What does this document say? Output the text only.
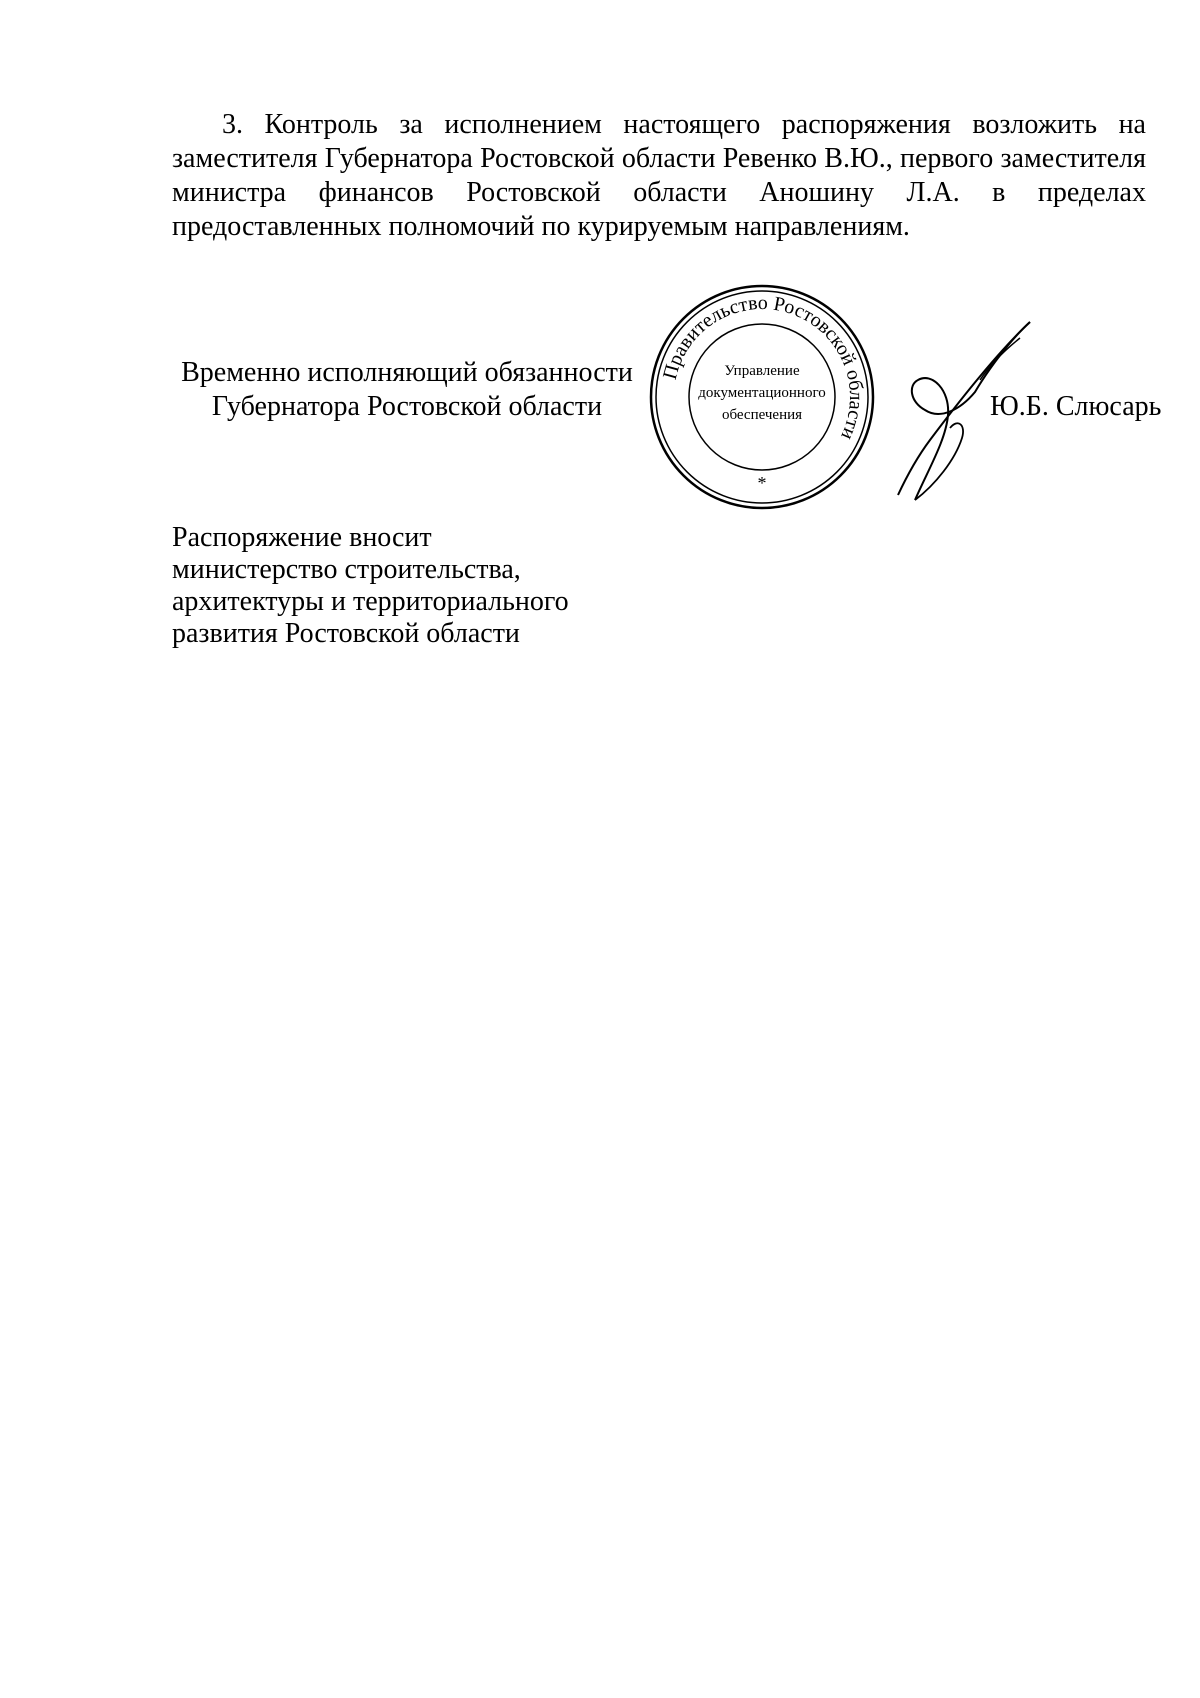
3. Контроль за исполнением настоящего распоряжения возложить на заместителя Губернатора Ростовской области Ревенко В.Ю., первого заместителя министра финансов Ростовской области Аношину Л.А. в пределах предоставленных полномочий по курируемым направлениям.

Временно исполняющий обязанности
Губернатора Ростовской области
Правительство Ростовской области
Управление
документационного
обеспечения
*

Ю.Б. Слюсарь

Распоряжение вносит
министерство строительства,
архитектуры и территориального
развития Ростовской области
